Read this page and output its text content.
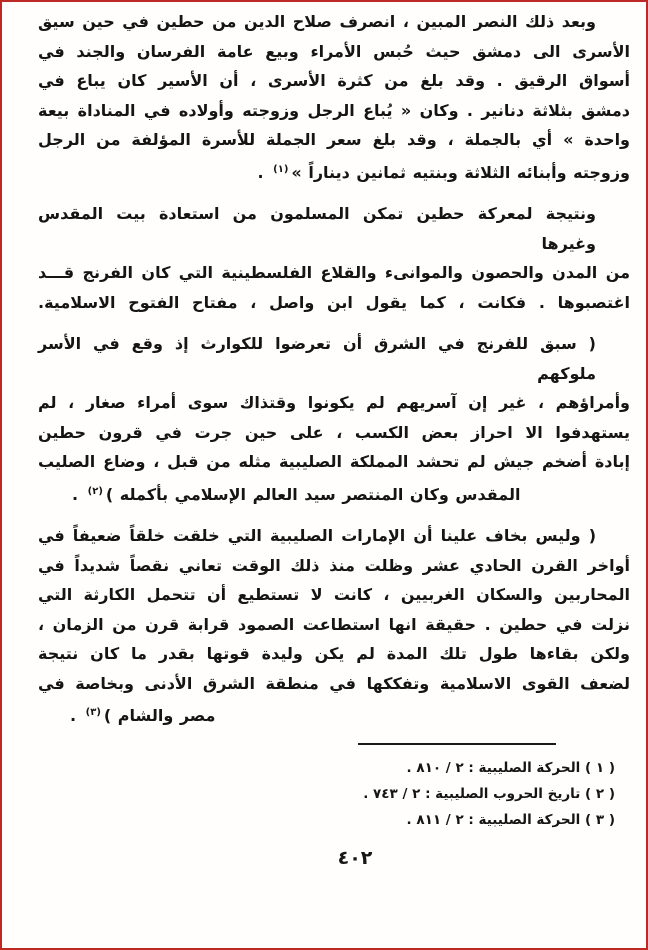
وبعد ذلك النصر المبين ، انصرف صلاح الدين من حطين في حين سيق
الأسرى الى دمشق حيث حُبس الأمراء وبيع عامة الفرسان والجند في
أسواق الرقيق . وقد بلغ من كثرة الأسرى ، أن الأسير كان يباع في
دمشق بثلاثة دنانير . وكان « يُباع الرجل وزوجته وأولاده في المناداة بيعة
واحدة » أي بالجملة ، وقد بلغ سعر الجملة للأسرة المؤلفة من الرجل
وزوجته وأبنائه الثلاثة وبنتيه ثمانين ديناراً »$^{(١)}$ .
ونتيجة لمعركة حطين تمكن المسلمون من استعادة بيت المقدس وغيرها
من المدن والحصون والموانىء والقلاع الفلسطينية التي كان الفرنج قـــد
اغتصبوها . فكانت ، كما يقول ابن واصل ، مفتاح الفتوح الاسلامية.
( سبق للفرنج في الشرق أن تعرضوا للكوارث إذ وقع في الأسر ملوكهم
وأمراؤهم ، غير إن آسريهم لم يكونوا وقتذاك سوى أمراء صغار ، لم
يستهدفوا الا احراز بعض الكسب ، على حين جرت في قرون حطين
إبادة أضخم جيش لم تحشد المملكة الصليبية مثله من قبل ، وضاع الصليب
المقدس وكان المنتصر سيد العالم الإسلامي بأكمله )$^{(٢)}$ .
( وليس بخاف علينا أن الإمارات الصليبية التي خلقت خلقاً ضعيفاً في
أواخر القرن الحادي عشر وظلت منذ ذلك الوقت تعاني نقصاً شديداً في
المحاربين والسكان الغربيين ، كانت لا تستطيع أن تتحمل الكارثة التي
نزلت في حطين . حقيقة انها استطاعت الصمود قرابة قرن من الزمان ،
ولكن بقاءها طول تلك المدة لم يكن وليدة قوتها بقدر ما كان نتيجة
لضعف القوى الاسلامية وتفككها في منطقة الشرق الأدنى وبخاصة في
مصر والشام )$^{(٣)}$ .
( ١ ) الحركة الصليبية : ٢ / ٨١٠ .
( ٢ ) تاريخ الحروب الصليبية : ٢ / ٧٤٣ .
( ٣ ) الحركة الصليبية : ٢ / ٨١١ .
٤٠٢
